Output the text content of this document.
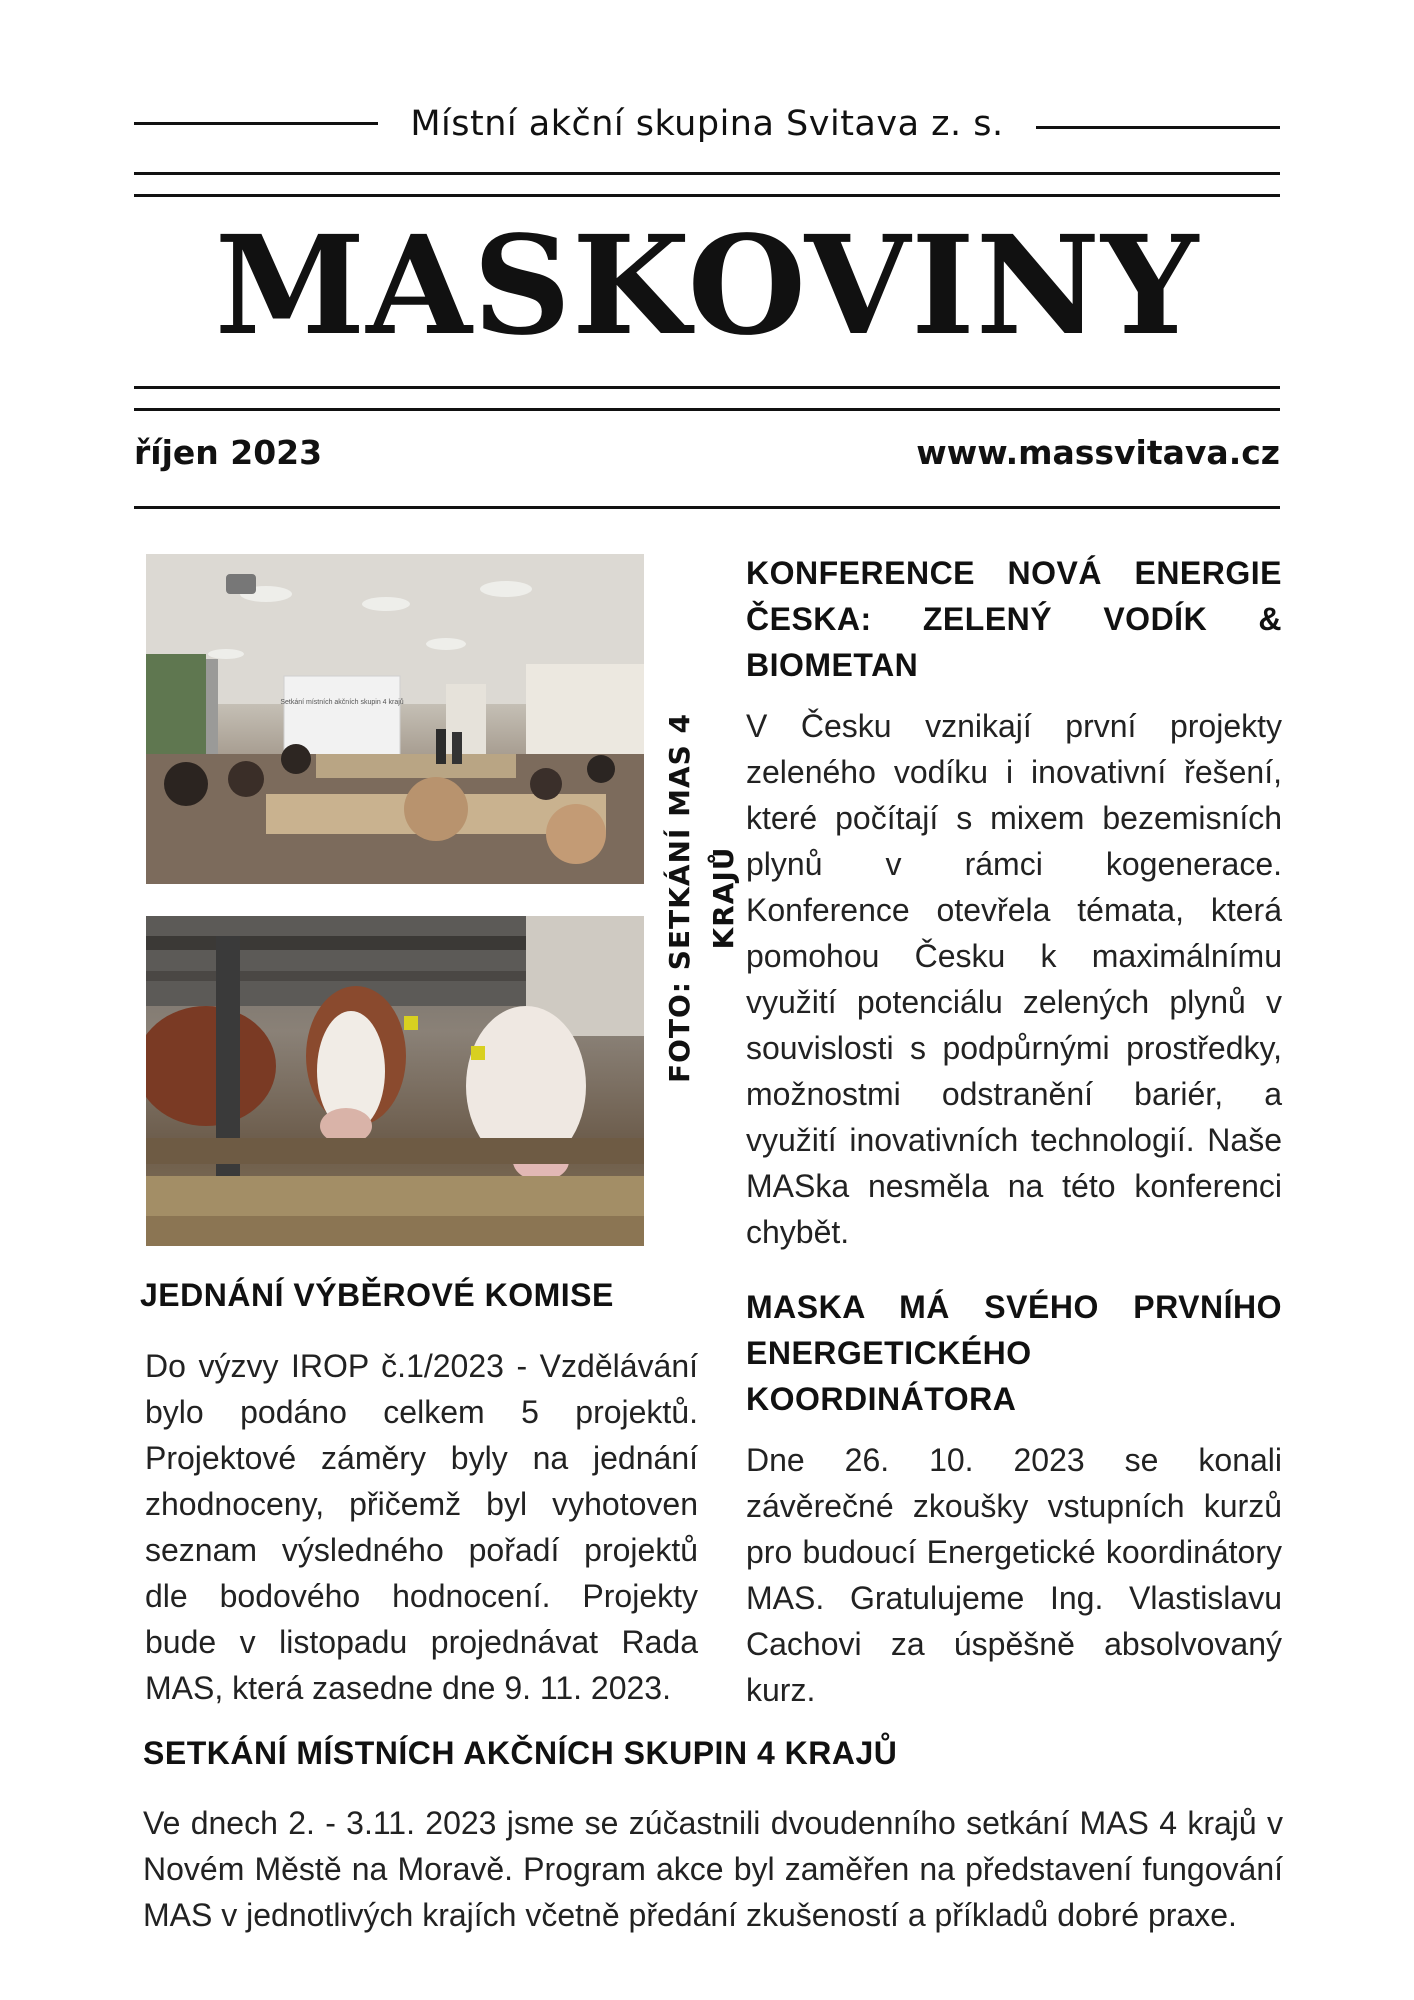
Místní akční skupina Svitava z. s.
MASKOVINY
říjen 2023	www.massvitava.cz
Setkání místních akčních skupin 4 krajů
FOTO: SETKÁNÍ MAS 4 KRAJŮ
KONFERENCE NOVÁ ENERGIE ČESKA: ZELENÝ VODÍK & BIOMETAN
V Česku vznikají první projekty zeleného vodíku i inovativní řešení, které počítají s mixem bezemisních plynů v rámci kogenerace. Konference otevřela témata, která pomohou Česku k maximálnímu využití potenciálu zelených plynů v souvislosti s podpůrnými prostředky, možnostmi odstranění bariér, a využití inovativních technologií. Naše MASka nesměla na této konferenci chybět.
MASKA MÁ SVÉHO PRVNÍHO ENERGETICKÉHO KOORDINÁTORA
Dne 26. 10. 2023 se konali závěrečné zkoušky vstupních kurzů pro budoucí Energetické koordinátory MAS. Gratulujeme Ing. Vlastislavu Cachovi za úspěšně absolvovaný kurz.
JEDNÁNÍ VÝBĚROVÉ KOMISE
Do výzvy IROP č.1/2023 - Vzdělávání bylo podáno celkem 5 projektů. Projektové záměry byly na jednání zhodnoceny, přičemž byl vyhotoven seznam výsledného pořadí projektů dle bodového hodnocení. Projekty bude v listopadu projednávat Rada MAS, která zasedne dne 9. 11. 2023.
SETKÁNÍ MÍSTNÍCH AKČNÍCH SKUPIN 4 KRAJŮ
Ve dnech 2. - 3.11. 2023 jsme se zúčastnili dvoudenního setkání MAS 4 krajů v Novém Městě na Moravě. Program akce byl zaměřen na představení fungování MAS v jednotlivých krajích včetně předání zkušeností a příkladů dobré praxe.
